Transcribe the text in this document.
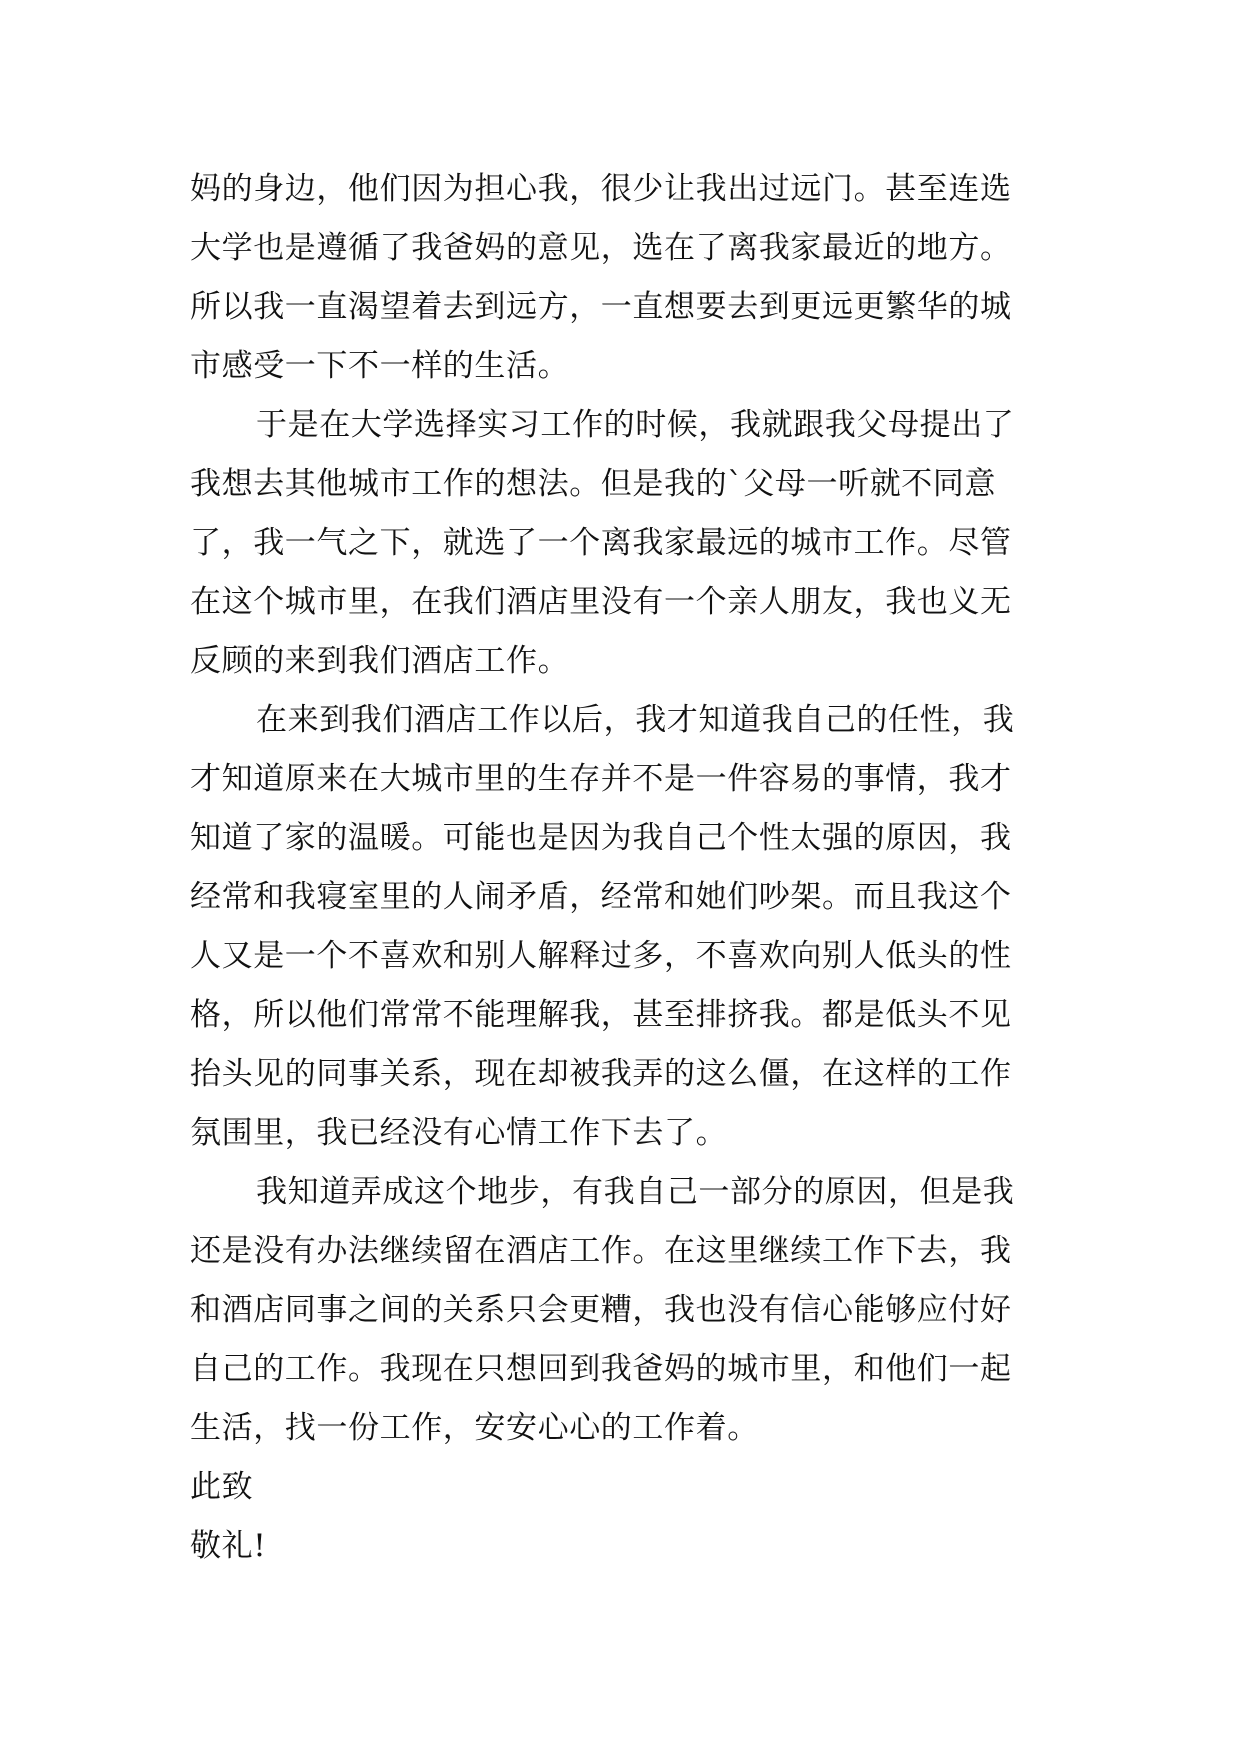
妈的身边，他们因为担心我，很少让我出过远门。甚至连选
大学也是遵循了我爸妈的意见，选在了离我家最近的地方。
所以我一直渴望着去到远方，一直想要去到更远更繁华的城
市感受一下不一样的生活。
于是在大学选择实习工作的时候，我就跟我父母提出了
我想去其他城市工作的想法。但是我的`父母一听就不同意
了，我一气之下，就选了一个离我家最远的城市工作。尽管
在这个城市里，在我们酒店里没有一个亲人朋友，我也义无
反顾的来到我们酒店工作。
在来到我们酒店工作以后，我才知道我自己的任性，我
才知道原来在大城市里的生存并不是一件容易的事情，我才
知道了家的温暖。可能也是因为我自己个性太强的原因，我
经常和我寝室里的人闹矛盾，经常和她们吵架。而且我这个
人又是一个不喜欢和别人解释过多，不喜欢向别人低头的性
格，所以他们常常不能理解我，甚至排挤我。都是低头不见
抬头见的同事关系，现在却被我弄的这么僵，在这样的工作
氛围里，我已经没有心情工作下去了。
我知道弄成这个地步，有我自己一部分的原因，但是我
还是没有办法继续留在酒店工作。在这里继续工作下去，我
和酒店同事之间的关系只会更糟，我也没有信心能够应付好
自己的工作。我现在只想回到我爸妈的城市里，和他们一起
生活，找一份工作，安安心心的工作着。
此致
敬礼!
